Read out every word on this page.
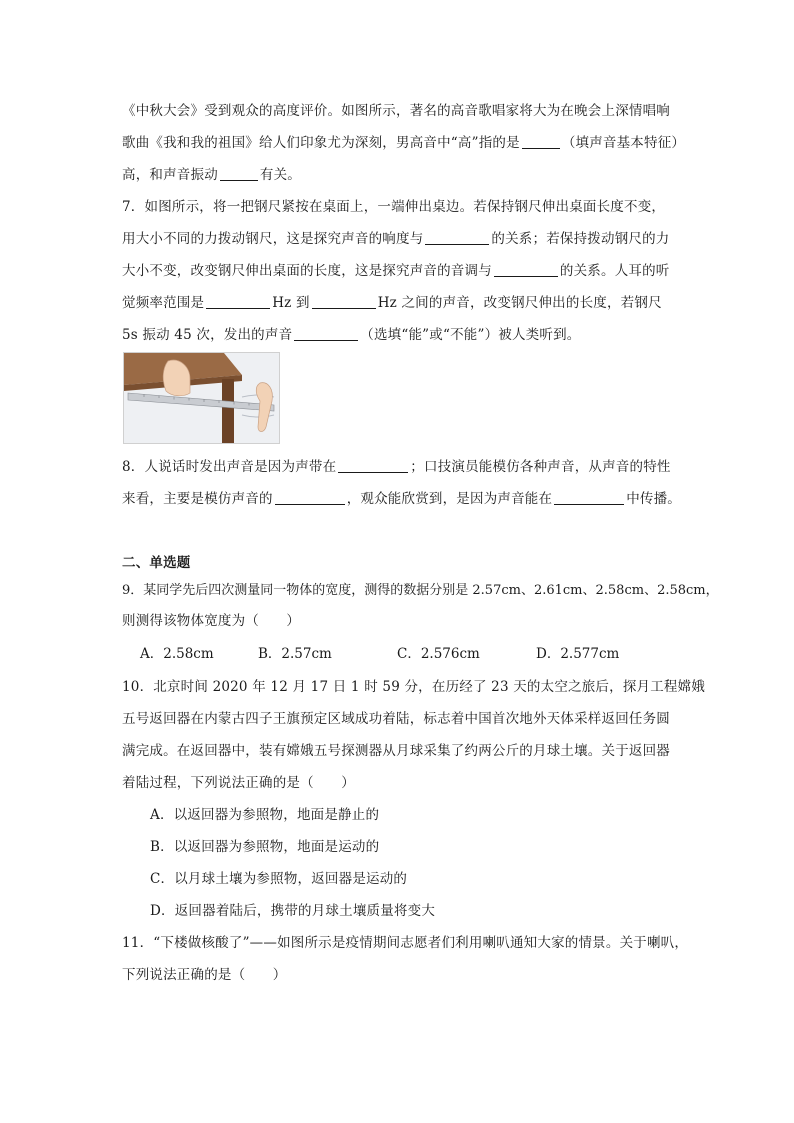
《中秋大会》受到观众的高度评价。如图所示，著名的高音歌唱家将大为在晚会上深情唱响
歌曲《我和我的祖国》给人们印象尤为深刻，男高音中“高”指的是	（填声音基本特征）
高，和声音振动	有关。
7．如图所示，将一把钢尺紧按在桌面上，一端伸出桌边。若保持钢尺伸出桌面长度不变，
用大小不同的力拨动钢尺，这是探究声音的响度与	的关系；若保持拨动钢尺的力
大小不变，改变钢尺伸出桌面的长度，这是探究声音的音调与	的关系。人耳的听
觉频率范围是	Hz 到	Hz 之间的声音，改变钢尺伸出的长度，若钢尺
5s 振动 45 次，发出的声音	（选填“能”或“不能”）被人类听到。
8．人说话时发出声音是因为声带在	；口技演员能模仿各种声音，从声音的特性
来看，主要是模仿声音的	，观众能欣赏到，是因为声音能在	中传播。
二、单选题
9．某同学先后四次测量同一物体的宽度，测得的数据分别是 2.57cm、2.61cm、2.58cm、2.58cm，
则测得该物体宽度为（　　）
A．2.58cm	B．2.57cm	C．2.576cm	D．2.577cm
10．北京时间 2020 年 12 月 17 日 1 时 59 分，在历经了 23 天的太空之旅后，探月工程嫦娥
五号返回器在内蒙古四子王旗预定区域成功着陆，标志着中国首次地外天体采样返回任务圆
满完成。在返回器中，装有嫦娥五号探测器从月球采集了约两公斤的月球土壤。关于返回器
着陆过程，下列说法正确的是（　　）
A．以返回器为参照物，地面是静止的
B．以返回器为参照物，地面是运动的
C．以月球土壤为参照物，返回器是运动的
D．返回器着陆后，携带的月球土壤质量将变大
11．“下楼做核酸了”——如图所示是疫情期间志愿者们利用喇叭通知大家的情景。关于喇叭，
下列说法正确的是（　　）
